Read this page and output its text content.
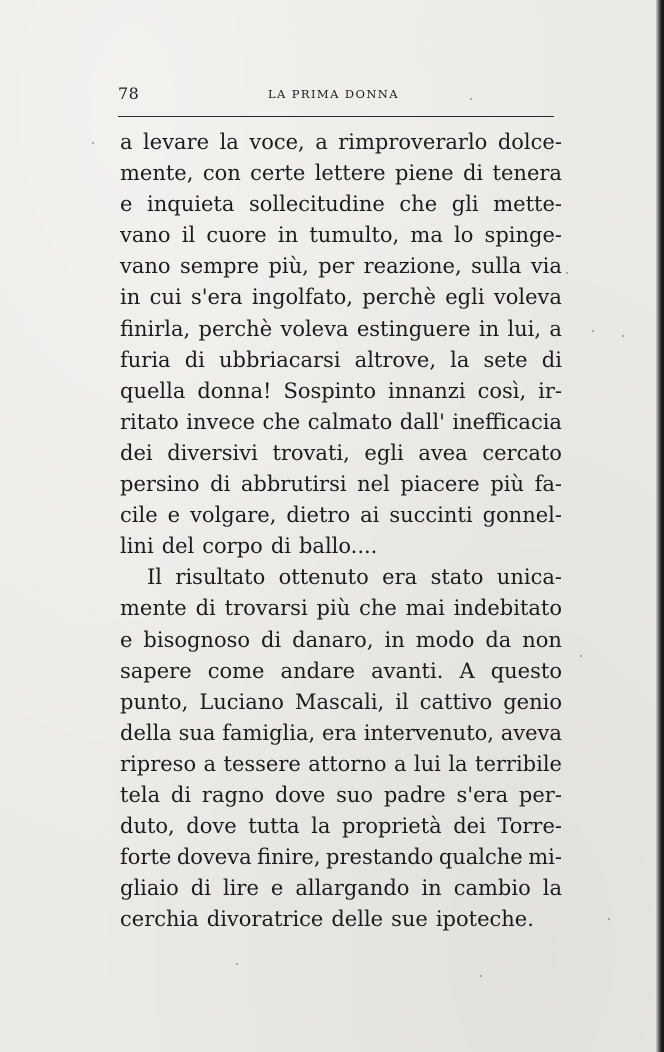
78	LA PRIMA DONNA
a levare la voce, a rimproverarlo dolce-
mente, con certe lettere piene di tenera
e inquieta sollecitudine che gli mette-
vano il cuore in tumulto, ma lo spinge-
vano sempre più, per reazione, sulla via
in cui s'era ingolfato, perchè egli voleva
finirla, perchè voleva estinguere in lui, a
furia di ubbriacarsi altrove, la sete di
quella donna! Sospinto innanzi così, ir-
ritato invece che calmato dall' inefficacia
dei diversivi trovati, egli avea cercato
persino di abbrutirsi nel piacere più fa-
cile e volgare, dietro ai succinti gonnel-
lini del corpo di ballo....
Il risultato ottenuto era stato unica-
mente di trovarsi più che mai indebitato
e bisognoso di danaro, in modo da non
sapere come andare avanti. A questo
punto, Luciano Mascali, il cattivo genio
della sua famiglia, era intervenuto, aveva
ripreso a tessere attorno a lui la terribile
tela di ragno dove suo padre s'era per-
duto, dove tutta la proprietà dei Torre-
forte doveva finire, prestando qualche mi-
gliaio di lire e allargando in cambio la
cerchia divoratrice delle sue ipoteche.
